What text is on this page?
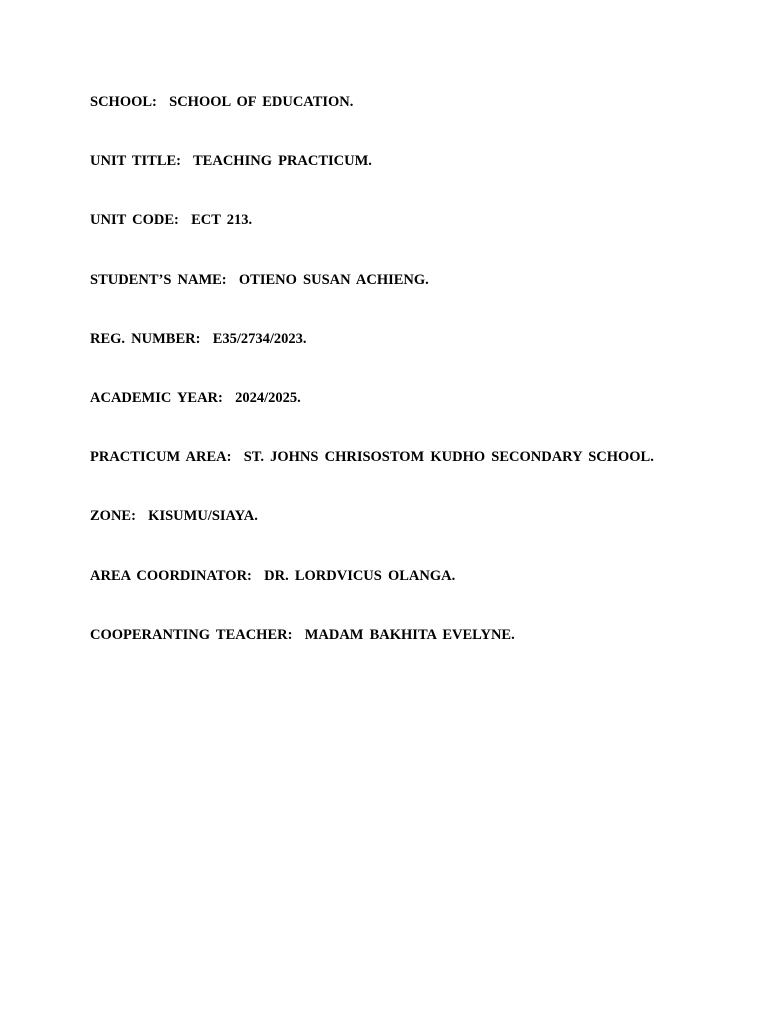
SCHOOL: SCHOOL OF EDUCATION.
UNIT TITLE: TEACHING PRACTICUM.
UNIT CODE: ECT 213.
STUDENT’S NAME: OTIENO SUSAN ACHIENG.
REG. NUMBER: E35/2734/2023.
ACADEMIC YEAR: 2024/2025.
PRACTICUM AREA: ST. JOHNS CHRISOSTOM KUDHO SECONDARY SCHOOL.
ZONE: KISUMU/SIAYA.
AREA COORDINATOR: DR. LORDVICUS OLANGA.
COOPERANTING TEACHER: MADAM BAKHITA EVELYNE.
